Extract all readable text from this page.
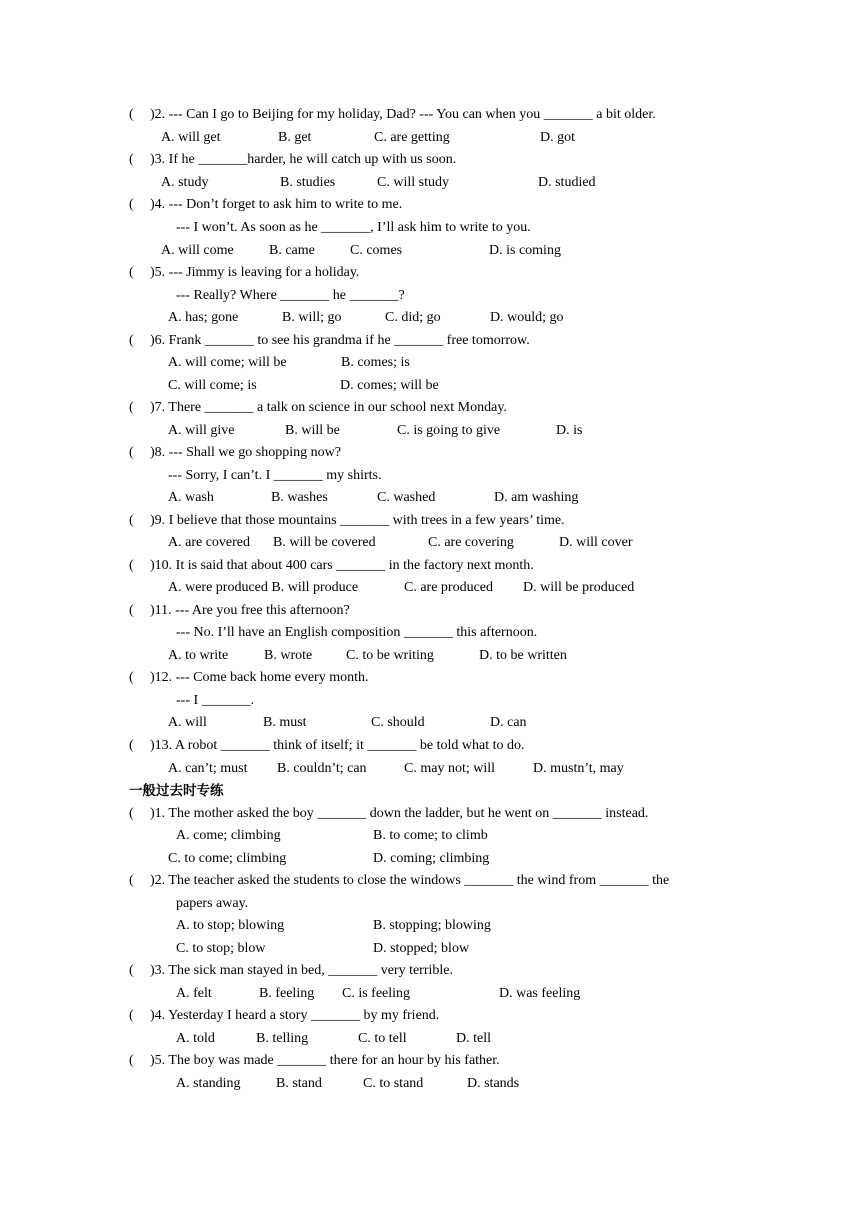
( )2. --- Can I go to Beijing for my holiday, Dad? --- You can when you _______ a bit older.
A. will get	B. get	C. are getting	D. got
( )3. If he _______harder, he will catch up with us soon.
A. study	B. studies	C. will study	D. studied
( )4. --- Don’t forget to ask him to write to me.
--- I won’t. As soon as he _______, I’ll ask him to write to you.
A. will come	B. came	C. comes	D. is coming
( )5. --- Jimmy is leaving for a holiday.
--- Really? Where _______ he _______?
A. has; gone	B. will; go	C. did; go	D. would; go
( )6. Frank _______ to see his grandma if he _______ free tomorrow.
A. will come; will be	B. comes; is
C. will come; is	D. comes; will be
( )7. There _______ a talk on science in our school next Monday.
A. will give	B. will be	C. is going to give	D. is
( )8. --- Shall we go shopping now?
--- Sorry, I can’t. I _______ my shirts.
A. wash	B. washes	C. washed	D. am washing
( )9. I believe that those mountains _______ with trees in a few years’ time.
A. are covered B. will be covered	C. are covering	D. will cover
( )10. It is said that about 400 cars _______ in the factory next month.
A. were produced B. will produce	C. are produced D. will be produced
( )11. --- Are you free this afternoon?
--- No. I’ll have an English composition _______ this afternoon.
A. to write	B. wrote C. to be writing	D. to be written
( )12. --- Come back home every month.
--- I _______.
A. will	B. must	C. should	D. can
( )13. A robot _______ think of itself; it _______ be told what to do.
A. can’t; must B. couldn’t; can	C. may not; will	D. mustn’t, may
一般过去时专练
( )1. The mother asked the boy _______ down the ladder, but he went on _______ instead.
A. come; climbing	B. to come; to climb
C. to come; climbing	D. coming; climbing
( )2. The teacher asked the students to close the windows _______ the wind from _______ the
papers away.
A. to stop; blowing	B. stopping; blowing
C. to stop; blow	D. stopped; blow
( )3. The sick man stayed in bed, _______ very terrible.
A. felt	B. feeling C. is feeling	D. was feeling
( )4. Yesterday I heard a story _______ by my friend.
A. told	B. telling	C. to tell	D. tell
( )5. The boy was made _______ there for an hour by his father.
A. standing	B. stand	C. to stand	D. stands
